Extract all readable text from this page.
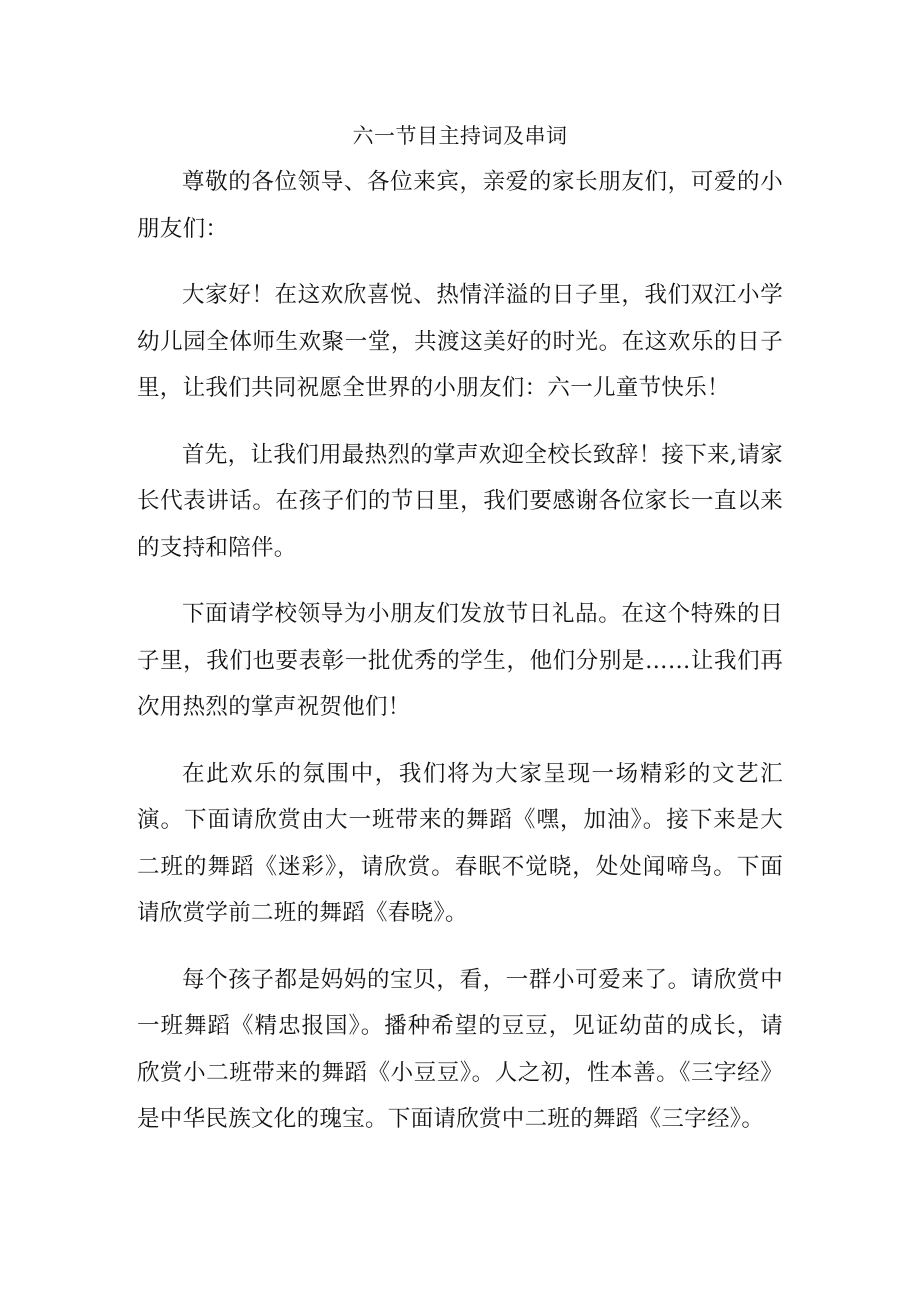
六一节目主持词及串词

尊敬的各位领导、各位来宾，亲爱的家长朋友们，可爱的小朋友们：

大家好！在这欢欣喜悦、热情洋溢的日子里，我们双江小学幼儿园全体师生欢聚一堂，共渡这美好的时光。在这欢乐的日子里，让我们共同祝愿全世界的小朋友们：六一儿童节快乐！

首先，让我们用最热烈的掌声欢迎全校长致辞！接下来,请家长代表讲话。在孩子们的节日里，我们要感谢各位家长一直以来的支持和陪伴。

下面请学校领导为小朋友们发放节日礼品。在这个特殊的日子里，我们也要表彰一批优秀的学生，他们分别是……让我们再次用热烈的掌声祝贺他们！

在此欢乐的氛围中，我们将为大家呈现一场精彩的文艺汇演。下面请欣赏由大一班带来的舞蹈《嘿，加油》。接下来是大二班的舞蹈《迷彩》，请欣赏。春眠不觉晓，处处闻啼鸟。下面请欣赏学前二班的舞蹈《春晓》。

每个孩子都是妈妈的宝贝，看，一群小可爱来了。请欣赏中一班舞蹈《精忠报国》。播种希望的豆豆，见证幼苗的成长，请欣赏小二班带来的舞蹈《小豆豆》。人之初，性本善。《三字经》是中华民族文化的瑰宝。下面请欣赏中二班的舞蹈《三字经》。
